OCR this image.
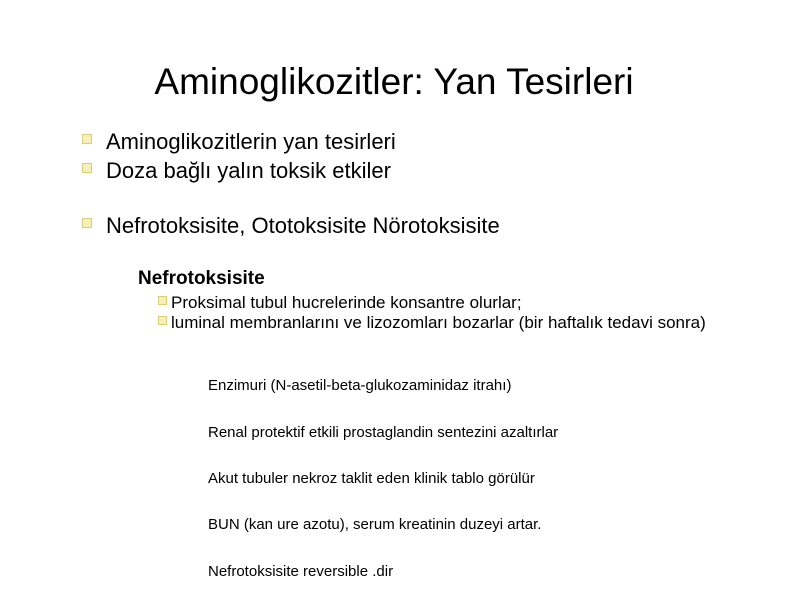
Aminoglikozitler: Yan Tesirleri
Aminoglikozitlerin yan tesirleri
Doza bağlı yalın toksik etkiler
Nefrotoksisite, Ototoksisite Nörotoksisite
Nefrotoksisite
Proksimal tubul hucrelerinde konsantre olurlar;
luminal membranlarını ve lizozomları bozarlar (bir haftalık tedavi sonra)
Enzimuri (N-asetil-beta-glukozaminidaz itrahı)
Renal protektif etkili prostaglandin sentezini azaltırlar
Akut tubuler nekroz taklit eden klinik tablo görülür
BUN (kan ure azotu), serum kreatinin duzeyi artar.
Nefrotoksisite reversible .dir
